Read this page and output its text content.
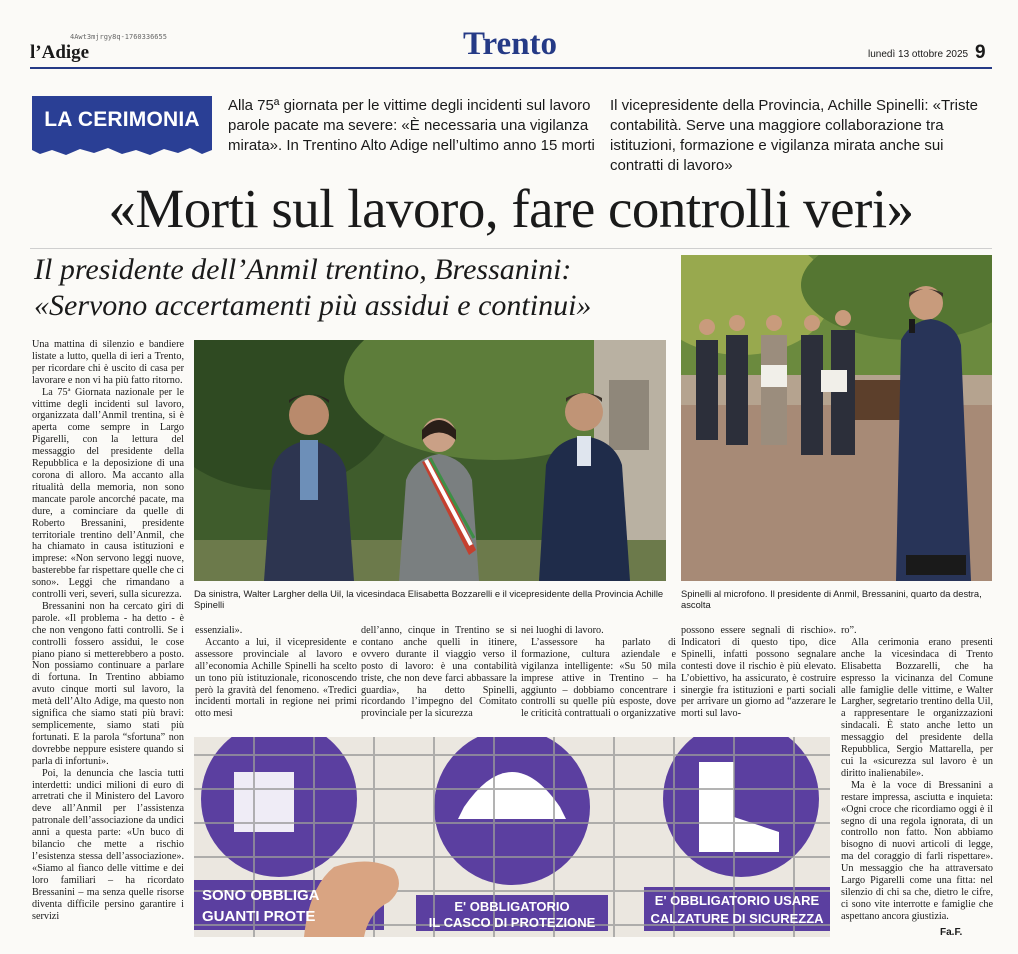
4Awt3mjrgy8q-1760336655
l’Adige	Trento	lunedì 13 ottobre 2025 9
LA CERIMONIA
Alla 75ª giornata per le vittime degli incidenti sul lavoro parole pacate ma severe: «È necessaria una vigilanza mirata». In Trentino Alto Adige nell’ultimo anno 15 morti
Il vicepresidente della Provincia, Achille Spinelli: «Triste contabilità. Serve una maggiore collaborazione tra istituzioni, formazione e vigilanza mirata anche sui contratti di lavoro»
«Morti sul lavoro, fare controlli veri»
Il presidente dell’Anmil trentino, Bressanini:
«Servono accertamenti più assidui e continui»
SONO OBBLIGA
GUANTI PROTE
E' OBBLIGATORIO
IL CASCO DI PROTEZIONE
E' OBBLIGATORIO USARE
CALZATURE DI SICUREZZA
Da sinistra, Walter Largher della Uil, la vicesindaca Elisabetta Bozzarelli e il vicepresidente della Provincia Achille Spinelli
Spinelli al microfono. Il presidente di Anmil, Bressanini, quarto da destra, ascolta

Una mattina di silenzio e bandiere listate a lutto, quella di ieri a Trento, per ricordare chi è uscito di casa per lavorare e non vi ha più fatto ritorno.

La 75ª Giornata nazionale per le vittime degli incidenti sul lavoro, organizzata dall’Anmil trentina, si è aperta come sempre in Largo Pigarelli, con la lettura del messaggio del presidente della Repubblica e la deposizione di una corona di alloro. Ma accanto alla ritualità della memoria, non sono mancate parole ancorché pacate, ma dure, a cominciare da quelle di Roberto Bressanini, presidente territoriale trentino dell’Anmil, che ha chiamato in causa istituzioni e imprese: «Non servono leggi nuove, basterebbe far rispettare quelle che ci sono». Leggi che rimandano a controlli veri, severi, sulla sicurezza.

Bressanini non ha cercato giri di parole. «Il problema - ha detto - è che non vengono fatti controlli. Se i controlli fossero assidui, le cose piano piano si metterebbero a posto. Non possiamo continuare a parlare di fortuna. In Trentino abbiamo avuto cinque morti sul lavoro, la metà dell’Alto Adige, ma questo non significa che siamo stati più bravi: semplicemente, siamo stati più fortunati. E la parola “sfortuna” non dovrebbe neppure esistere quando si parla di infortuni».

Poi, la denuncia che lascia tutti interdetti: undici milioni di euro di arretrati che il Ministero del Lavoro deve all’Anmil per l’assistenza patronale dell’associazione da undici anni a questa parte: «Un buco di bilancio che mette a rischio l’esistenza stessa dell’associazione». «Siamo al fianco delle vittime e dei loro familiari – ha ricordato Bressanini – ma senza quelle risorse diventa difficile persino garantire i servizi

essenziali».

Accanto a lui, il vicepresidente e assessore provinciale al lavoro e all’economia Achille Spinelli ha scelto un tono più istituzionale, riconoscendo però la gravità del fenomeno. «Tredici incidenti mortali in regione nei primi otto mesi

dell’anno, cinque in Trentino se si contano anche quelli in itinere, ovvero durante il viaggio verso il posto di lavoro: è una contabilità triste, che non deve farci abbassare la guardia», ha detto Spinelli, ricordando l’impegno del Comitato provinciale per la sicurezza

nei luoghi di lavoro.

L’assessore ha parlato di formazione, cultura aziendale e vigilanza intelligente: «Su 50 mila imprese attive in Trentino – ha aggiunto – dobbiamo concentrare i controlli su quelle più esposte, dove le criticità contrattuali o organizzative

possono essere segnali di rischio». Indicatori di questo tipo, dice Spinelli, infatti possono segnalare contesti dove il rischio è più elevato. L’obiettivo, ha assicurato, è costruire sinergie fra istituzioni e parti sociali per arrivare un giorno ad “azzerare le morti sul lavo-

ro”.

Alla cerimonia erano presenti anche la vicesindaca di Trento Elisabetta Bozzarelli, che ha espresso la vicinanza del Comune alle famiglie delle vittime, e Walter Largher, segretario trentino della Uil, a rappresentare le organizzazioni sindacali. È stato anche letto un messaggio del presidente della Repubblica, Sergio Mattarella, per cui la «sicurezza sul lavoro è un diritto inalienabile».

Ma è la voce di Bressanini a restare impressa, asciutta e inquieta: «Ogni croce che ricordiamo oggi è il segno di una regola ignorata, di un controllo non fatto. Non abbiamo bisogno di nuovi articoli di legge, ma del coraggio di farli rispettare». Un messaggio che ha attraversato Largo Pigarelli come una fitta: nel silenzio di chi sa che, dietro le cifre, ci sono vite interrotte e famiglie che aspettano ancora giustizia.

Fa.F.
